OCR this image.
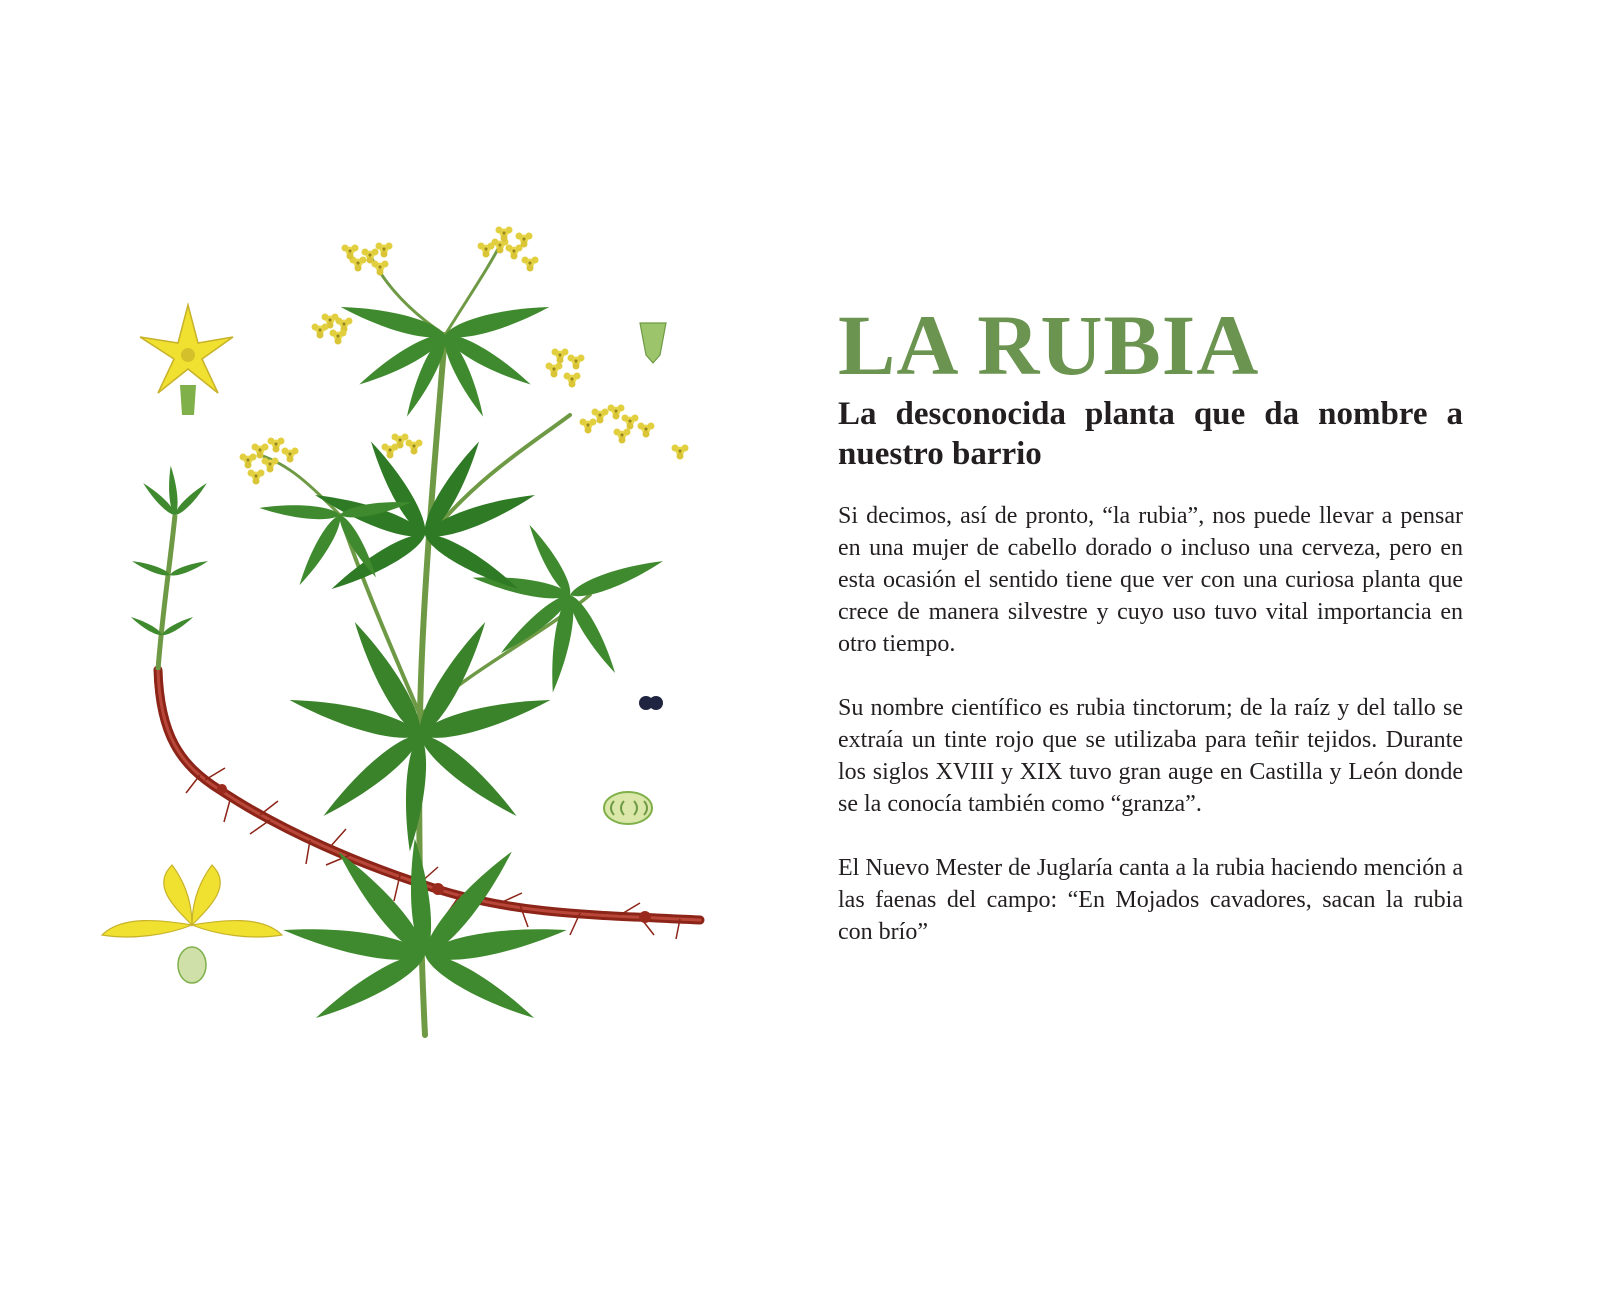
LA RUBIA
La desconocida planta que da nombre a nuestro barrio

Si decimos, así de pronto, “la rubia”, nos puede llevar a pensar en una mujer de cabello dorado o incluso una cerveza, pero en esta ocasión el sentido tiene que ver con una curiosa planta que crece de manera silvestre y cuyo uso tuvo vital importancia en otro tiempo.

Su nombre científico es rubia tinctorum; de la raíz y del tallo se extraía un tinte rojo que se utilizaba para teñir tejidos. Durante los siglos XVIII y XIX tuvo gran auge en Castilla y León donde se la conocía también como “granza”.

El Nuevo Mester de Juglaría canta a la rubia haciendo mención a las faenas del campo: “En Mojados cavadores, sacan la rubia con brío”
